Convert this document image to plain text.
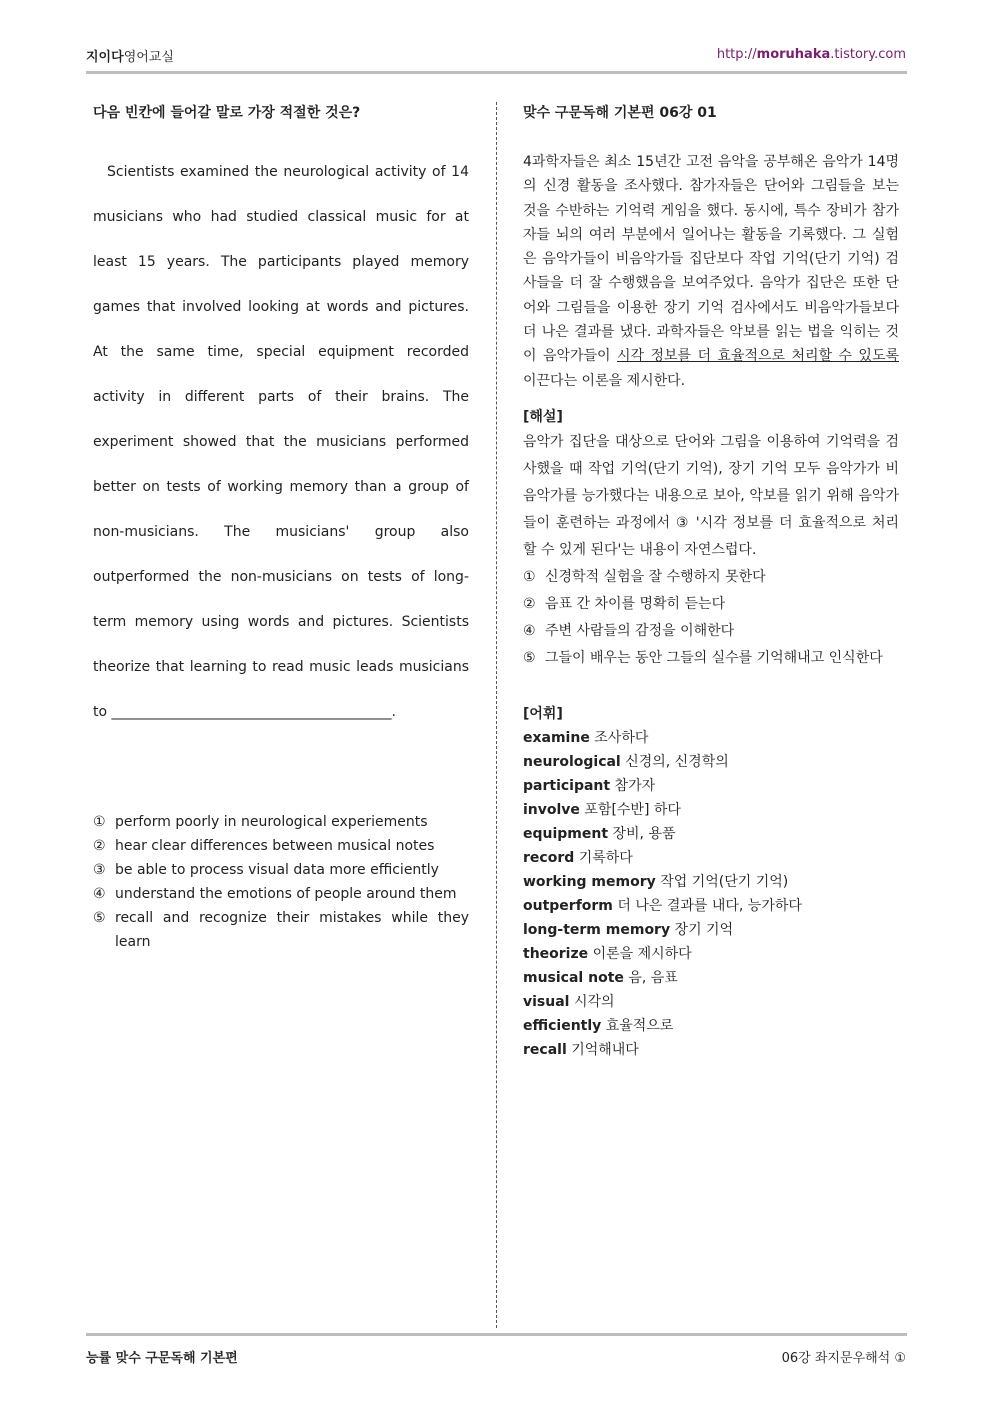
지이다영어교실	http://moruhaka.tistory.com

다음 빈칸에 들어갈 말로 가장 적절한 것은?

Scientists examined the neurological activity of 14 musicians who had studied classical music for at least 15 years. The participants played memory games that involved looking at words and pictures. At the same time, special equipment recorded activity in different parts of their brains. The experiment showed that the musicians performed better on tests of working memory than a group of non-musicians. The musicians' group also outperformed the non-musicians on tests of long-term memory using words and pictures. Scientists theorize that learning to read music leads musicians to ________________________________________.
① perform poorly in neurological experiements
② hear clear differences between musical notes
③ be able to process visual data more efficiently
④ understand the emotions of people around them
⑤ recall and recognize their mistakes while they learn

맞수 구문독해 기본편 06강 01

4과학자들은 최소 15년간 고전 음악을 공부해온 음악가 14명의 신경 활동을 조사했다. 참가자들은 단어와 그림들을 보는 것을 수반하는 기억력 게임을 했다. 동시에, 특수 장비가 참가자들 뇌의 여러 부분에서 일어나는 활동을 기록했다. 그 실험은 음악가들이 비음악가들 집단보다 작업 기억(단기 기억) 검사들을 더 잘 수행했음을 보여주었다. 음악가 집단은 또한 단어와 그림들을 이용한 장기 기억 검사에서도 비음악가들보다 더 나은 결과를 냈다. 과학자들은 악보를 읽는 법을 익히는 것이 음악가들이 시각 정보를 더 효율적으로 처리할 수 있도록 이끈다는 이론을 제시한다.
[해설]
음악가 집단을 대상으로 단어와 그림을 이용하여 기억력을 검사했을 때 작업 기억(단기 기억), 장기 기억 모두 음악가가 비음악가를 능가했다는 내용으로 보아, 악보를 읽기 위해 음악가들이 훈련하는 과정에서 ③ '시각 정보를 더 효율적으로 처리할 수 있게 된다'는 내용이 자연스럽다.
① 신경학적 실험을 잘 수행하지 못한다
② 음표 간 차이를 명확히 듣는다
④ 주변 사람들의 감정을 이해한다
⑤ 그들이 배우는 동안 그들의 실수를 기억해내고 인식한다
[어휘]
examine 조사하다
neurological 신경의, 신경학의
participant 참가자
involve 포함[수반] 하다
equipment 장비, 용품
record 기록하다
working memory 작업 기억(단기 기억)
outperform 더 나은 결과를 내다, 능가하다
long-term memory 장기 기억
theorize 이론을 제시하다
musical note 음, 음표
visual 시각의
efficiently 효율적으로
recall 기억해내다
능률 맞수 구문독해 기본편	06강 좌지문우해석 ①
